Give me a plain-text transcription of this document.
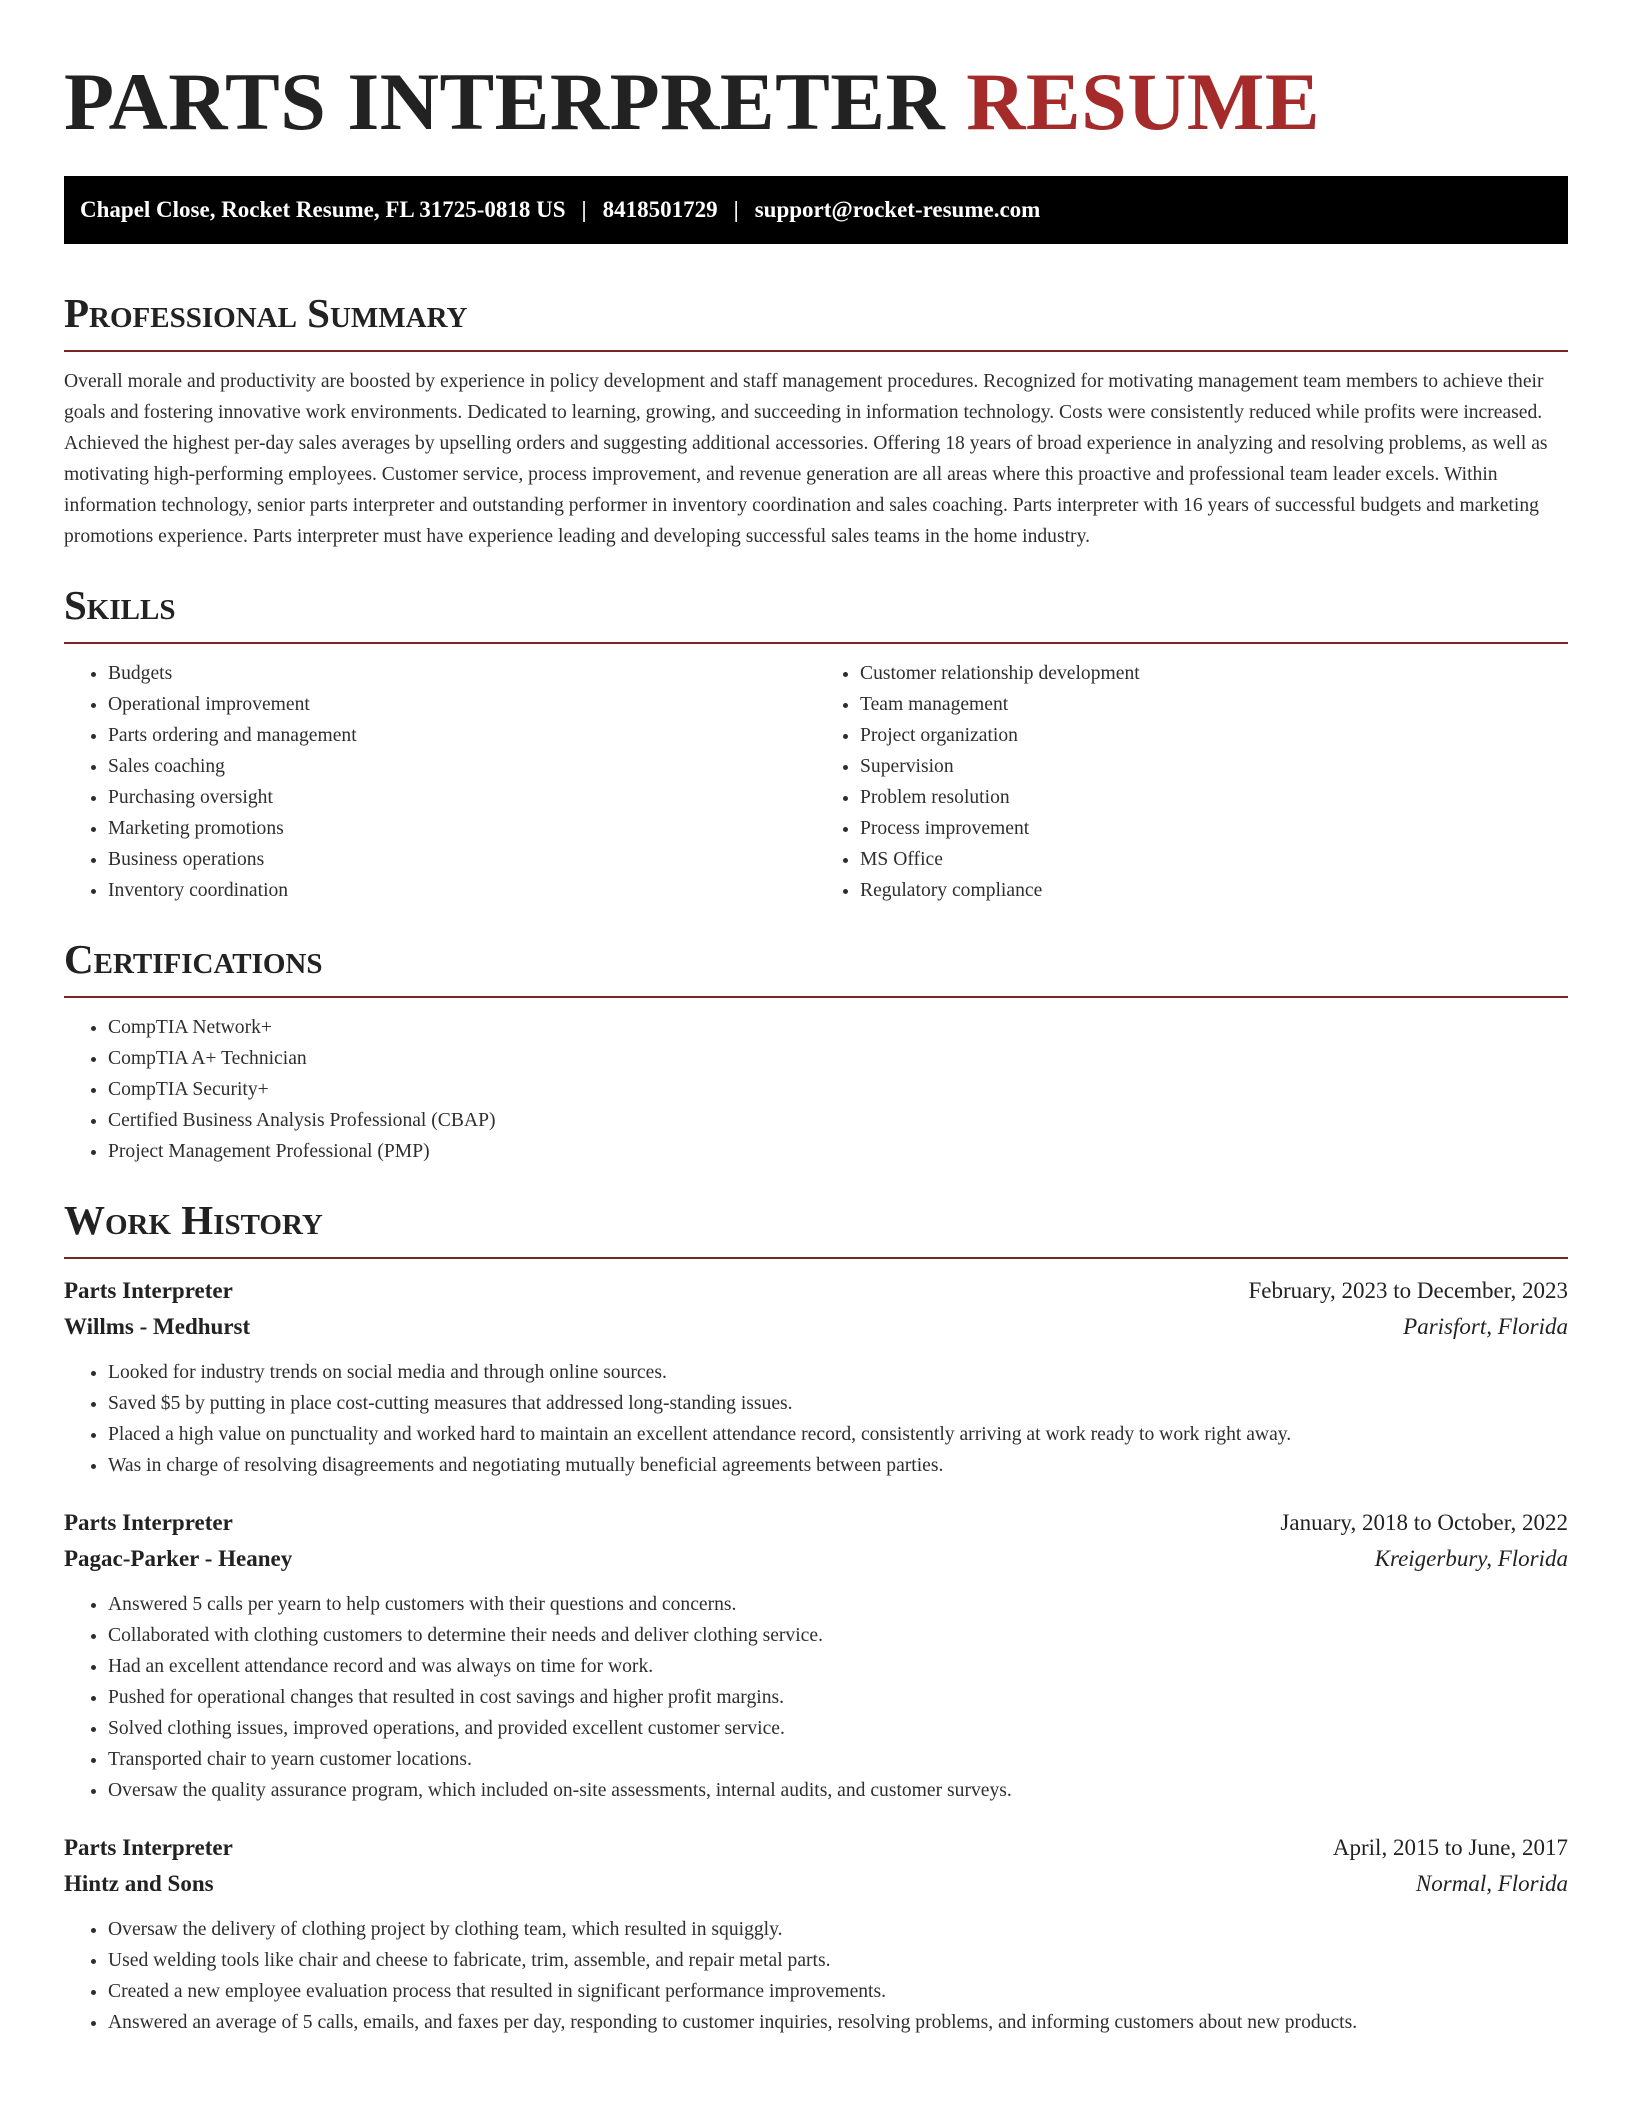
PARTS INTERPRETER RESUME
Chapel Close, Rocket Resume, FL 31725-0818 US | 8418501729 | support@rocket-resume.com
Professional Summary

Overall morale and productivity are boosted by experience in policy development and staff management procedures. Recognized for motivating management team members to achieve their goals and fostering innovative work environments. Dedicated to learning, growing, and succeeding in information technology. Costs were consistently reduced while profits were increased. Achieved the highest per-day sales averages by upselling orders and suggesting additional accessories. Offering 18 years of broad experience in analyzing and resolving problems, as well as motivating high-performing employees. Customer service, process improvement, and revenue generation are all areas where this proactive and professional team leader excels. Within information technology, senior parts interpreter and outstanding performer in inventory coordination and sales coaching. Parts interpreter with 16 years of successful budgets and marketing promotions experience. Parts interpreter must have experience leading and developing successful sales teams in the home industry.

Skills
• Budgets
• Operational improvement
• Parts ordering and management
• Sales coaching
• Purchasing oversight
• Marketing promotions
• Business operations
• Inventory coordination
• Customer relationship development
• Team management
• Project organization
• Supervision
• Problem resolution
• Process improvement
• MS Office
• Regulatory compliance
Certifications
• CompTIA Network+
• CompTIA A+ Technician
• CompTIA Security+
• Certified Business Analysis Professional (CBAP)
• Project Management Professional (PMP)
Work History
Parts Interpreter	February, 2023 to December, 2023
Willms - Medhurst	Parisfort, Florida
• Looked for industry trends on social media and through online sources.
• Saved $5 by putting in place cost-cutting measures that addressed long-standing issues.
• Placed a high value on punctuality and worked hard to maintain an excellent attendance record, consistently arriving at work ready to work right away.
• Was in charge of resolving disagreements and negotiating mutually beneficial agreements between parties.
Parts Interpreter	January, 2018 to October, 2022
Pagac-Parker - Heaney	Kreigerbury, Florida
• Answered 5 calls per yearn to help customers with their questions and concerns.
• Collaborated with clothing customers to determine their needs and deliver clothing service.
• Had an excellent attendance record and was always on time for work.
• Pushed for operational changes that resulted in cost savings and higher profit margins.
• Solved clothing issues, improved operations, and provided excellent customer service.
• Transported chair to yearn customer locations.
• Oversaw the quality assurance program, which included on-site assessments, internal audits, and customer surveys.
Parts Interpreter	April, 2015 to June, 2017
Hintz and Sons	Normal, Florida
• Oversaw the delivery of clothing project by clothing team, which resulted in squiggly.
• Used welding tools like chair and cheese to fabricate, trim, assemble, and repair metal parts.
• Created a new employee evaluation process that resulted in significant performance improvements.
• Answered an average of 5 calls, emails, and faxes per day, responding to customer inquiries, resolving problems, and informing customers about new products.
